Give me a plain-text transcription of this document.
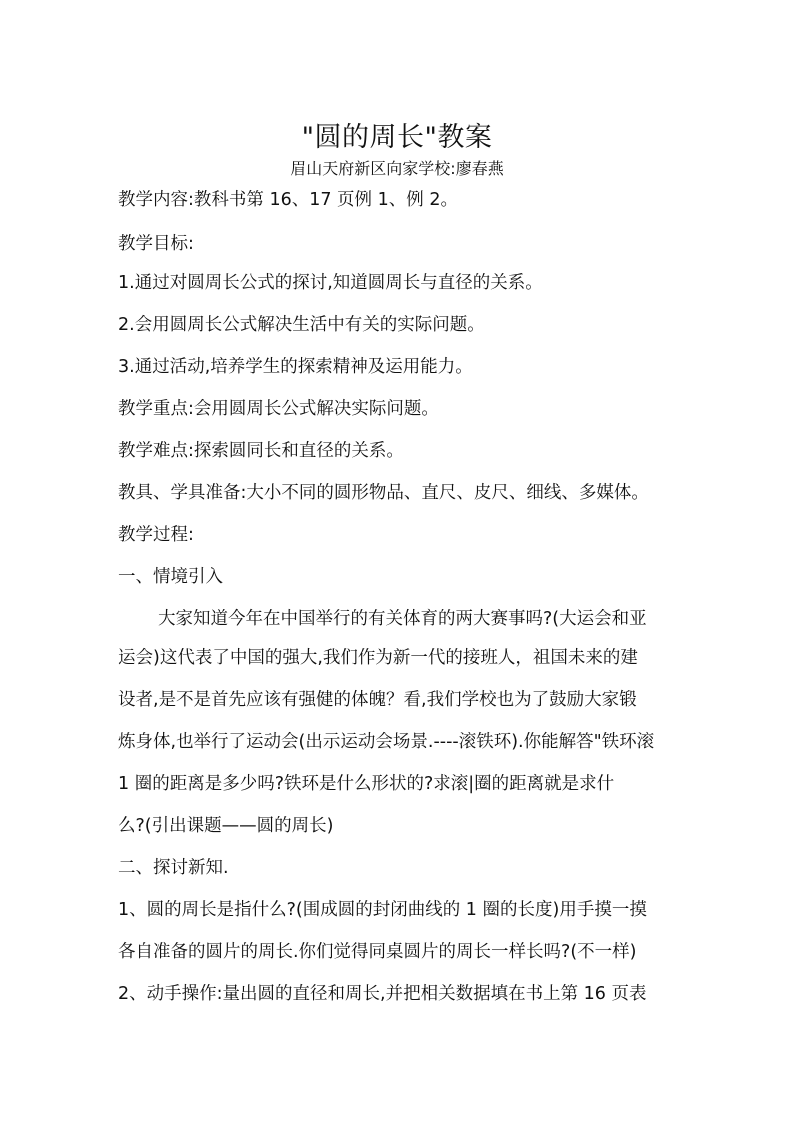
"圆的周长"教案
眉山天府新区向家学校:廖春燕
教学内容:教科书第 16、17 页例 1、例 2。
教学目标:
1.通过对圆周长公式的探讨,知道圆周长与直径的关系。
2.会用圆周长公式解决生活中有关的实际问题。
3.通过活动,培养学生的探索精神及运用能力。
教学重点:会用圆周长公式解决实际问题。
教学难点:探索圆同长和直径的关系。
教具、学具准备:大小不同的圆形物品、直尺、皮尺、细线、多媒体。
教学过程:
一、情境引入
大家知道今年在中国举行的有关体育的两大赛事吗?(大运会和亚
运会)这代表了中国的强大,我们作为新一代的接班人，祖国未来的建
设者,是不是首先应该有强健的体魄？看,我们学校也为了鼓励大家锻
炼身体,也举行了运动会(出示运动会场景.----滚铁环).你能解答"铁环滚
1 圈的距离是多少吗?铁环是什么形状的?求滚|圈的距离就是求什
么?(引出课题——圆的周长)
二、探讨新知.
1、圆的周长是指什么?(围成圆的封闭曲线的 1 圈的长度)用手摸一摸
各自准备的圆片的周长.你们觉得同桌圆片的周长一样长吗?(不一样)
2、动手操作:量出圆的直径和周长,并把相关数据填在书上第 16 页表
